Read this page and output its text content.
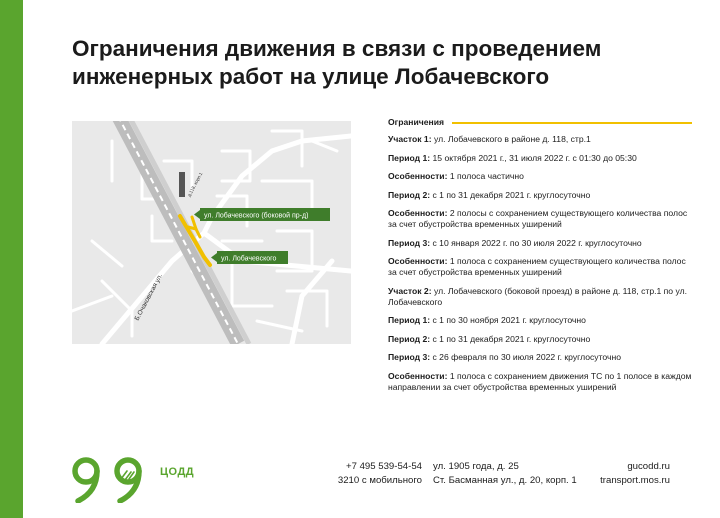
Ограничения движения в связи с проведением инженерных работ на улице Лобачевского
д.118, корп.1
ул. Лобачевского (боковой пр-д)
ул. Лобачевского
Б.Очаковская ул.
Ограничения

Участок 1: ул. Лобачевского в районе д. 118, стр.1

Период 1: 15 октября 2021 г., 31 июля 2022 г. с 01:30 до 05:30

Особенности: 1 полоса частично

Период 2: с 1 по 31 декабря 2021 г. круглосуточно

Особенности: 2 полосы с сохранением существующего количества полос за счет обустройства временных уширений

Период 3: с 10 января 2022 г. по 30 июля 2022 г. круглосуточно

Особенности: 1 полоса с сохранением существующего количества полос за счет обустройства временных уширений

Участок 2: ул. Лобачевского (боковой проезд) в районе д. 118, стр.1 по ул. Лобачевского

Период 1: с 1 по 30 ноября 2021 г. круглосуточно

Период 2: с 1 по 31 декабря 2021 г. круглосуточно

Период 3: с 26 февраля по 30 июля 2022 г. круглосуточно

Особенности: 1 полоса с сохранением движения ТС по 1 полосе в каждом направлении за счет обустройства временных уширений

ЦОДД	+7 495 539-54-54
3210 с мобильного
ул. 1905 года, д. 25
Ст. Басманная ул., д. 20, корп. 1
gucodd.ru
transport.mos.ru
